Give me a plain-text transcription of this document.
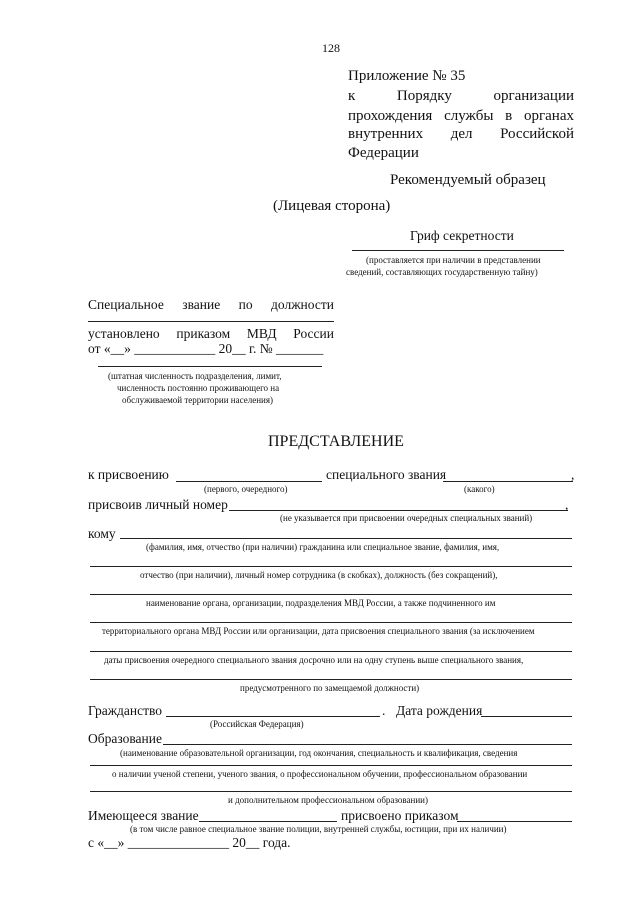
128
Приложение № 35
к	Порядку	организации
прохождения службы в органах
внутренних дел Российской
Федерации
Рекомендуемый образец
(Лицевая сторона)
Гриф секретности
(проставляется при наличии в представлении
сведений, составляющих государственную тайну)
Специальное звание по должности
установлено приказом МВД России
от «__» ____________ 20__ г. № _______
(штатная численность подразделения, лимит,
численность постоянно проживающего на
обслуживаемой территории населения)
ПРЕДСТАВЛЕНИЕ
к присвоению	специального звания	,
(первого, очередного)	(какого)
присвоив личный номер	,
(не указывается при присвоении очередных специальных званий)
кому
(фамилия, имя, отчество (при наличии) гражданина или специальное звание, фамилия, имя,
отчество (при наличии), личный номер сотрудника (в скобках), должность (без сокращений),
наименование органа, организации, подразделения МВД России, а также подчиненного им
территориального органа МВД России или организации, дата присвоения специального звания (за исключением
даты присвоения очередного специального звания досрочно или на одну ступень выше специального звания,
предусмотренного по замещаемой должности)
Гражданство	. Дата рождения
(Российская Федерация)
Образование
(наименование образовательной организации, год окончания, специальность и квалификация, сведения
о наличии ученой степени, ученого звания, о профессиональном обучении, профессиональном образовании
и дополнительном профессиональном образовании)
Имеющееся звание	присвоено приказом
(в том числе равное специальное звание полиции, внутренней службы, юстиции, при их наличии)
с «__» _______________ 20__ года.
